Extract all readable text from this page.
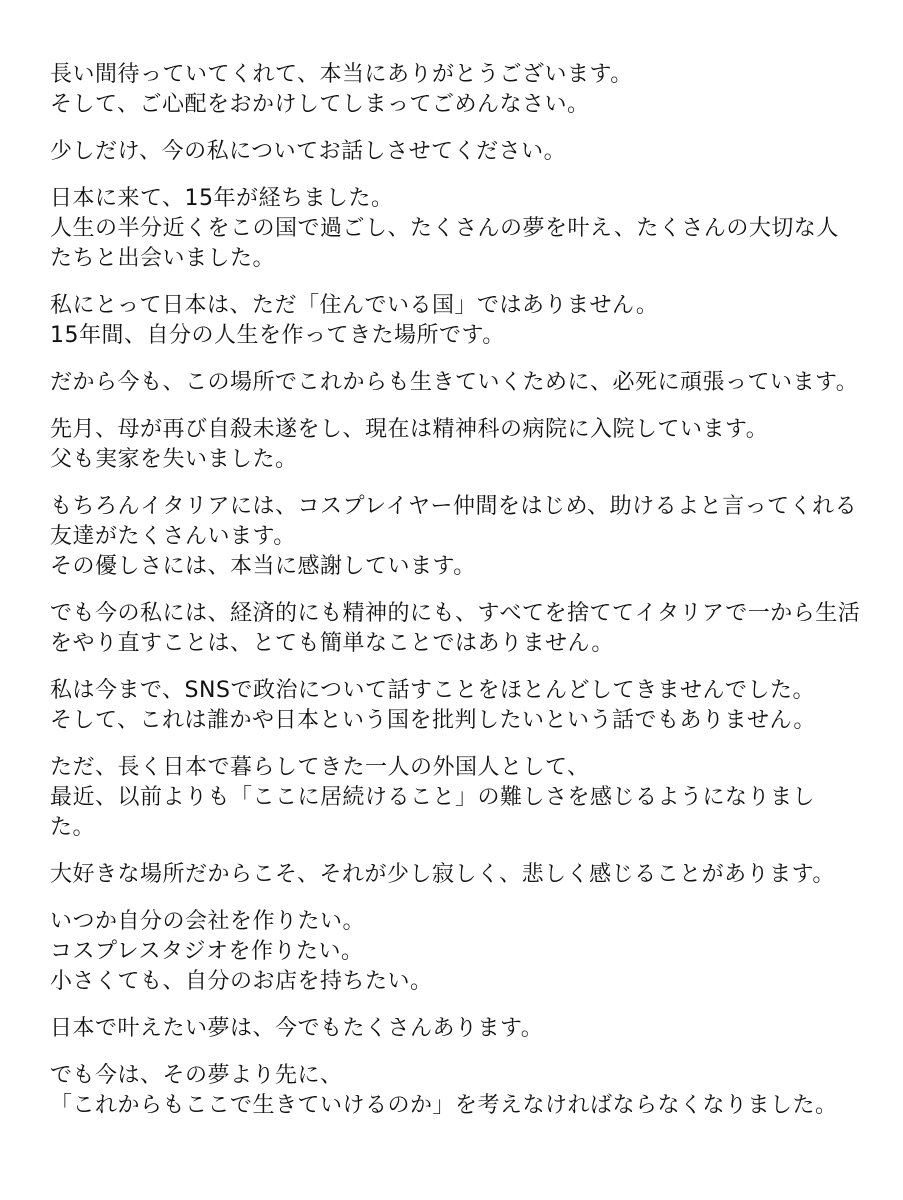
長い間待っていてくれて、本当にありがとうございます。
そして、ご心配をおかけしてしまってごめんなさい。
少しだけ、今の私についてお話しさせてください。
日本に来て、15年が経ちました。
人生の半分近くをこの国で過ごし、たくさんの夢を叶え、たくさんの大切な人
たちと出会いました。
私にとって日本は、ただ「住んでいる国」ではありません。
15年間、自分の人生を作ってきた場所です。
だから今も、この場所でこれからも生きていくために、必死に頑張っています。
先月、母が再び自殺未遂をし、現在は精神科の病院に入院しています。
父も実家を失いました。
もちろんイタリアには、コスプレイヤー仲間をはじめ、助けるよと言ってくれる
友達がたくさんいます。
その優しさには、本当に感謝しています。
でも今の私には、経済的にも精神的にも、すべてを捨ててイタリアで一から生活
をやり直すことは、とても簡単なことではありません。
私は今まで、SNSで政治について話すことをほとんどしてきませんでした。
そして、これは誰かや日本という国を批判したいという話でもありません。
ただ、長く日本で暮らしてきた一人の外国人として、
最近、以前よりも「ここに居続けること」の難しさを感じるようになりまし
た。
大好きな場所だからこそ、それが少し寂しく、悲しく感じることがあります。
いつか自分の会社を作りたい。
コスプレスタジオを作りたい。
小さくても、自分のお店を持ちたい。
日本で叶えたい夢は、今でもたくさんあります。
でも今は、その夢より先に、
「これからもここで生きていけるのか」を考えなければならなくなりました。
